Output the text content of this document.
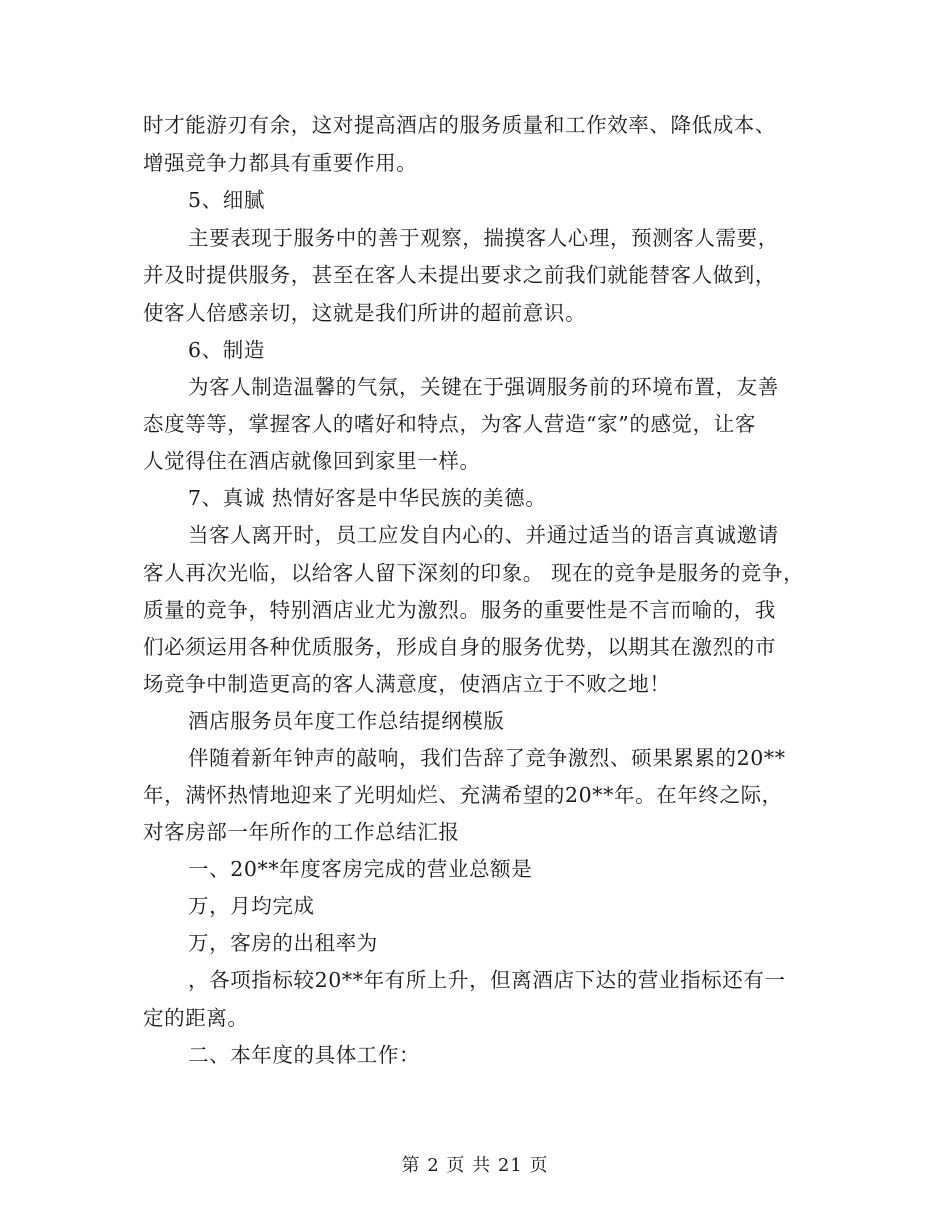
时才能游刃有余，这对提高酒店的服务质量和工作效率、降低成本、
增强竞争力都具有重要作用。
5、细腻
主要表现于服务中的善于观察，揣摸客人心理，预测客人需要，
并及时提供服务，甚至在客人未提出要求之前我们就能替客人做到，
使客人倍感亲切，这就是我们所讲的超前意识。
6、制造
为客人制造温馨的气氛，关键在于强调服务前的环境布置，友善
态度等等，掌握客人的嗜好和特点，为客人营造“家”的感觉，让客
人觉得住在酒店就像回到家里一样。
7、真诚 热情好客是中华民族的美德。
当客人离开时，员工应发自内心的、并通过适当的语言真诚邀请
客人再次光临，以给客人留下深刻的印象。 现在的竞争是服务的竞争，
质量的竞争，特别酒店业尤为激烈。服务的重要性是不言而喻的，我
们必须运用各种优质服务，形成自身的服务优势，以期其在激烈的市
场竞争中制造更高的客人满意度，使酒店立于不败之地！
酒店服务员年度工作总结提纲模版
伴随着新年钟声的敲响，我们告辞了竞争激烈、硕果累累的20**
年，满怀热情地迎来了光明灿烂、充满希望的20**年。在年终之际，
对客房部一年所作的工作总结汇报
一、20**年度客房完成的营业总额是
万，月均完成
万，客房的出租率为
，各项指标较20**年有所上升，但离酒店下达的营业指标还有一
定的距离。
二、本年度的具体工作：
第 2 页 共 21 页
